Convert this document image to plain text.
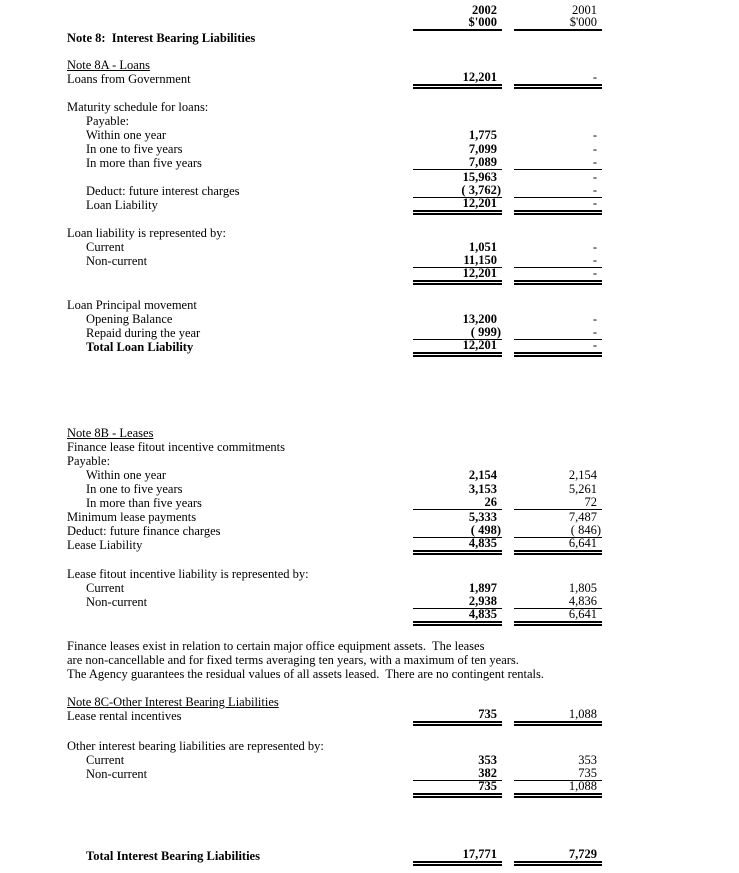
2002	2001
$'000	$'000
Note 8:  Interest Bearing Liabilities
Note 8A - Loans
Loans from Government	12,201	-
Maturity schedule for loans:
Payable:
Within one year	1,775	-
In one to five years	7,099	-
In more than five years	7,089	-
15,963	-
Deduct: future interest charges	( 3,762)	-
Loan Liability	12,201	-
Loan liability is represented by:
Current	1,051	-
Non-current	11,150	-
12,201	-
Loan Principal movement
Opening Balance	13,200	-
Repaid during the year	( 999)	-
Total Loan Liability	12,201	-
Note 8B - Leases
Finance lease fitout incentive commitments
Payable:
Within one year	2,154	2,154
In one to five years	3,153	5,261
In more than five years	26	72
Minimum lease payments	5,333	7,487
Deduct: future finance charges	( 498)	( 846)
Lease Liability	4,835	6,641
Lease fitout incentive liability is represented by:
Current	1,897	1,805
Non-current	2,938	4,836
4,835	6,641
Finance leases exist in relation to certain major office equipment assets.  The leases
are non-cancellable and for fixed terms averaging ten years, with a maximum of ten years.
The Agency guarantees the residual values of all assets leased.  There are no contingent rentals.
Note 8C-Other Interest Bearing Liabilities
Lease rental incentives	735	1,088
Other interest bearing liabilities are represented by:
Current	353	353
Non-current	382	735
735	1,088
Total Interest Bearing Liabilities	17,771	7,729
